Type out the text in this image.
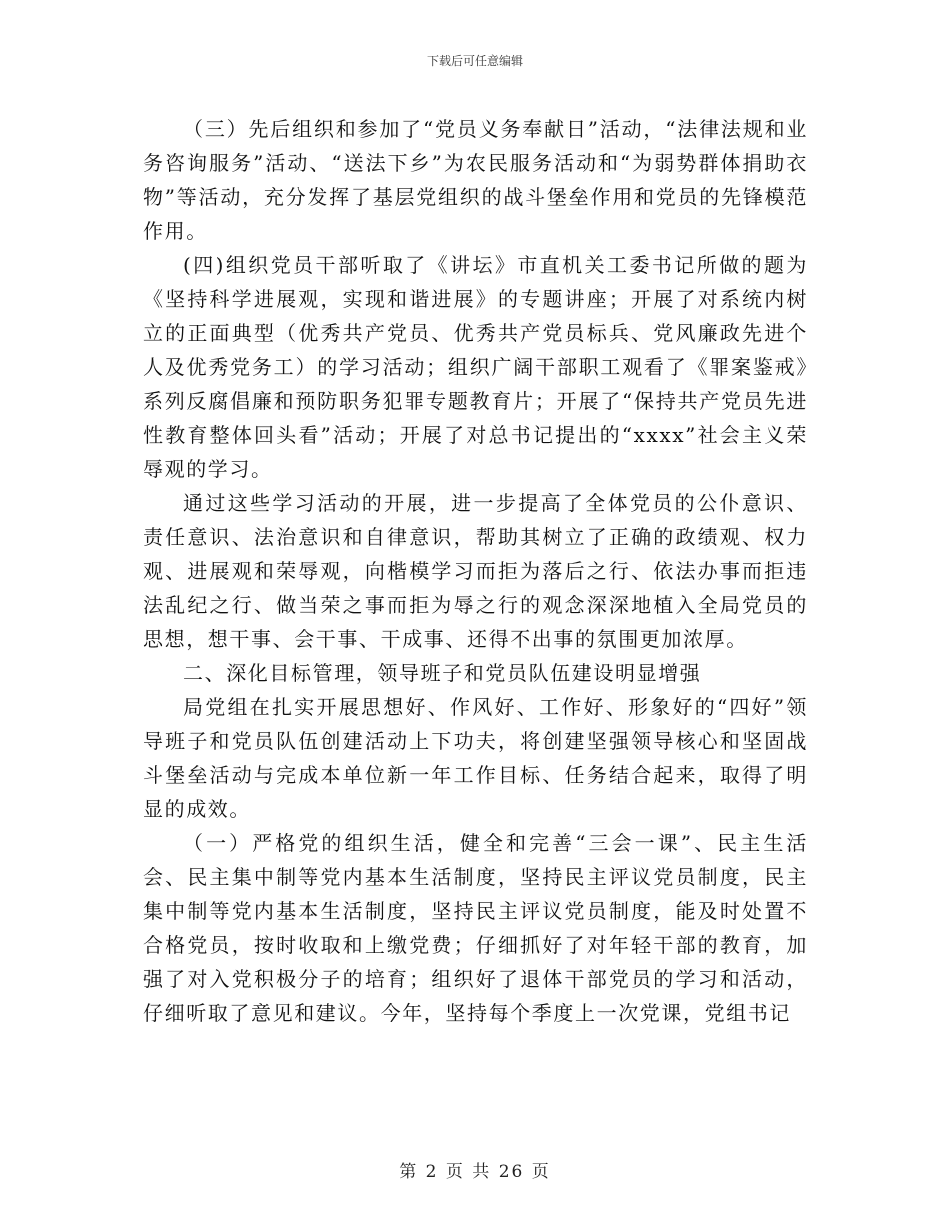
下载后可任意编辑

（三）先后组织和参加了“党员义务奉献日”活动，“法律法规和业务咨询服务”活动、“送法下乡”为农民服务活动和“为弱势群体捐助衣物”等活动，充分发挥了基层党组织的战斗堡垒作用和党员的先锋模范作用。

(四)组织党员干部听取了《讲坛》市直机关工委书记所做的题为《坚持科学进展观，实现和谐进展》的专题讲座；开展了对系统内树立的正面典型（优秀共产党员、优秀共产党员标兵、党风廉政先进个人及优秀党务工）的学习活动；组织广阔干部职工观看了《罪案鉴戒》系列反腐倡廉和预防职务犯罪专题教育片；开展了“保持共产党员先进性教育整体回头看”活动；开展了对总书记提出的“xxxx”社会主义荣辱观的学习。

通过这些学习活动的开展，进一步提高了全体党员的公仆意识、责任意识、法治意识和自律意识，帮助其树立了正确的政绩观、权力观、进展观和荣辱观，向楷模学习而拒为落后之行、依法办事而拒违法乱纪之行、做当荣之事而拒为辱之行的观念深深地植入全局党员的思想，想干事、会干事、干成事、还得不出事的氛围更加浓厚。

二、深化目标管理，领导班子和党员队伍建设明显增强

局党组在扎实开展思想好、作风好、工作好、形象好的“四好”领导班子和党员队伍创建活动上下功夫，将创建坚强领导核心和坚固战斗堡垒活动与完成本单位新一年工作目标、任务结合起来，取得了明显的成效。

（一）严格党的组织生活，健全和完善“三会一课”、民主生活会、民主集中制等党内基本生活制度，坚持民主评议党员制度，民主集中制等党内基本生活制度，坚持民主评议党员制度，能及时处置不合格党员，按时收取和上缴党费；仔细抓好了对年轻干部的教育，加强了对入党积极分子的培育；组织好了退体干部党员的学习和活动，仔细听取了意见和建议。今年，坚持每个季度上一次党课，党组书记

第 2 页 共 26 页
